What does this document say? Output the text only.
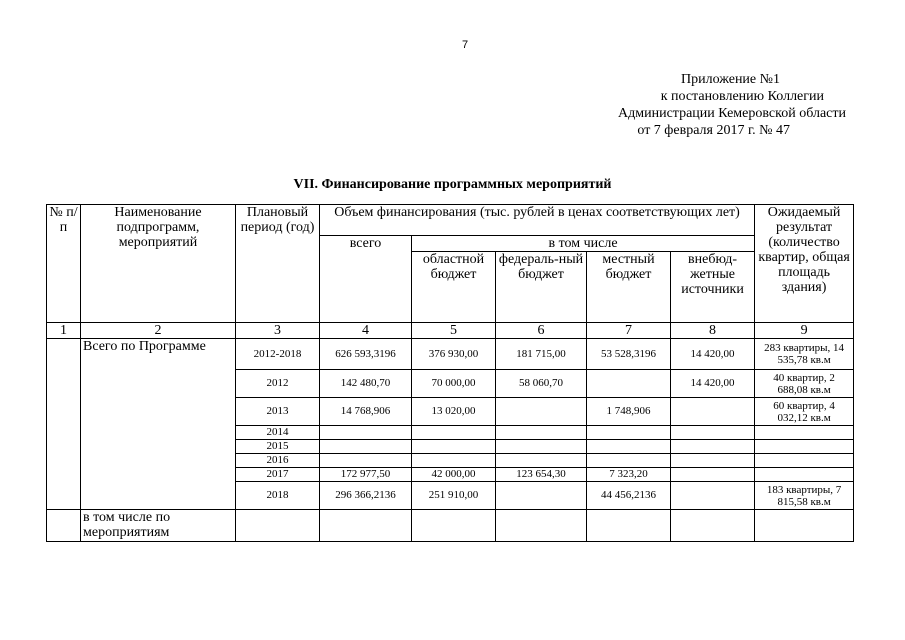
7
Приложение №1
к постановлению Коллегии
Администрации Кемеровской области
от 7 февраля 2017 г. № 47
VII. Финансирование программных мероприятий
№ п/п	Наименование подпрограмм, мероприятий	Плановый период (год)	Объем финансирования (тыс. рублей в ценах соответствующих лет)					Ожидаемый результат (количество квартир, общая площадь здания)
			всего	в том числе				
				областной бюджет	федераль-ный бюджет	местный бюджет	внебюд-жетные источники	
1	2	3	4	5	6	7	8	9
	Всего по Программе	2012-2018	626 593,3196	376 930,00	181 715,00	53 528,3196	14 420,00	283 квартиры, 14 535,78 кв.м
		2012	142 480,70	70 000,00	58 060,70		14 420,00	40 квартир, 2 688,08 кв.м
		2013	14 768,906	13 020,00		1 748,906		60 квартир, 4 032,12 кв.м
		2014						
		2015						
		2016						
		2017	172 977,50	42 000,00	123 654,30	7 323,20		
		2018	296 366,2136	251 910,00		44 456,2136		183 квартиры, 7 815,58 кв.м
	в том числе по мероприятиям							
